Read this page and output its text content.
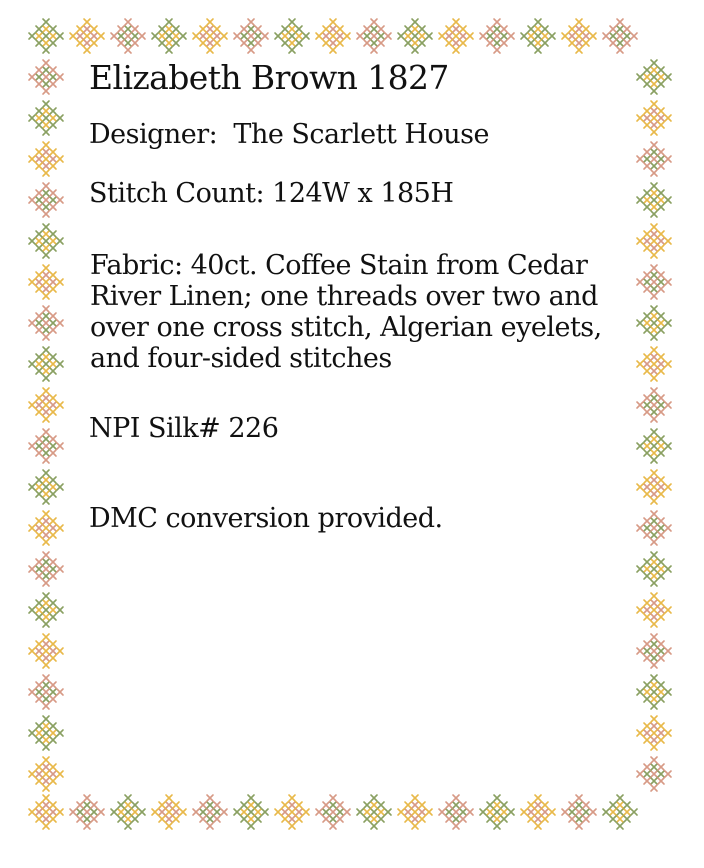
Elizabeth Brown 1827

Designer:  The Scarlett House

Stitch Count: 124W x 185H

Fabric: 40ct. Coffee Stain from Cedar River Linen; one threads over two and over one cross stitch, Algerian eyelets, and four-sided stitches

NPI Silk# 226

DMC conversion provided.
